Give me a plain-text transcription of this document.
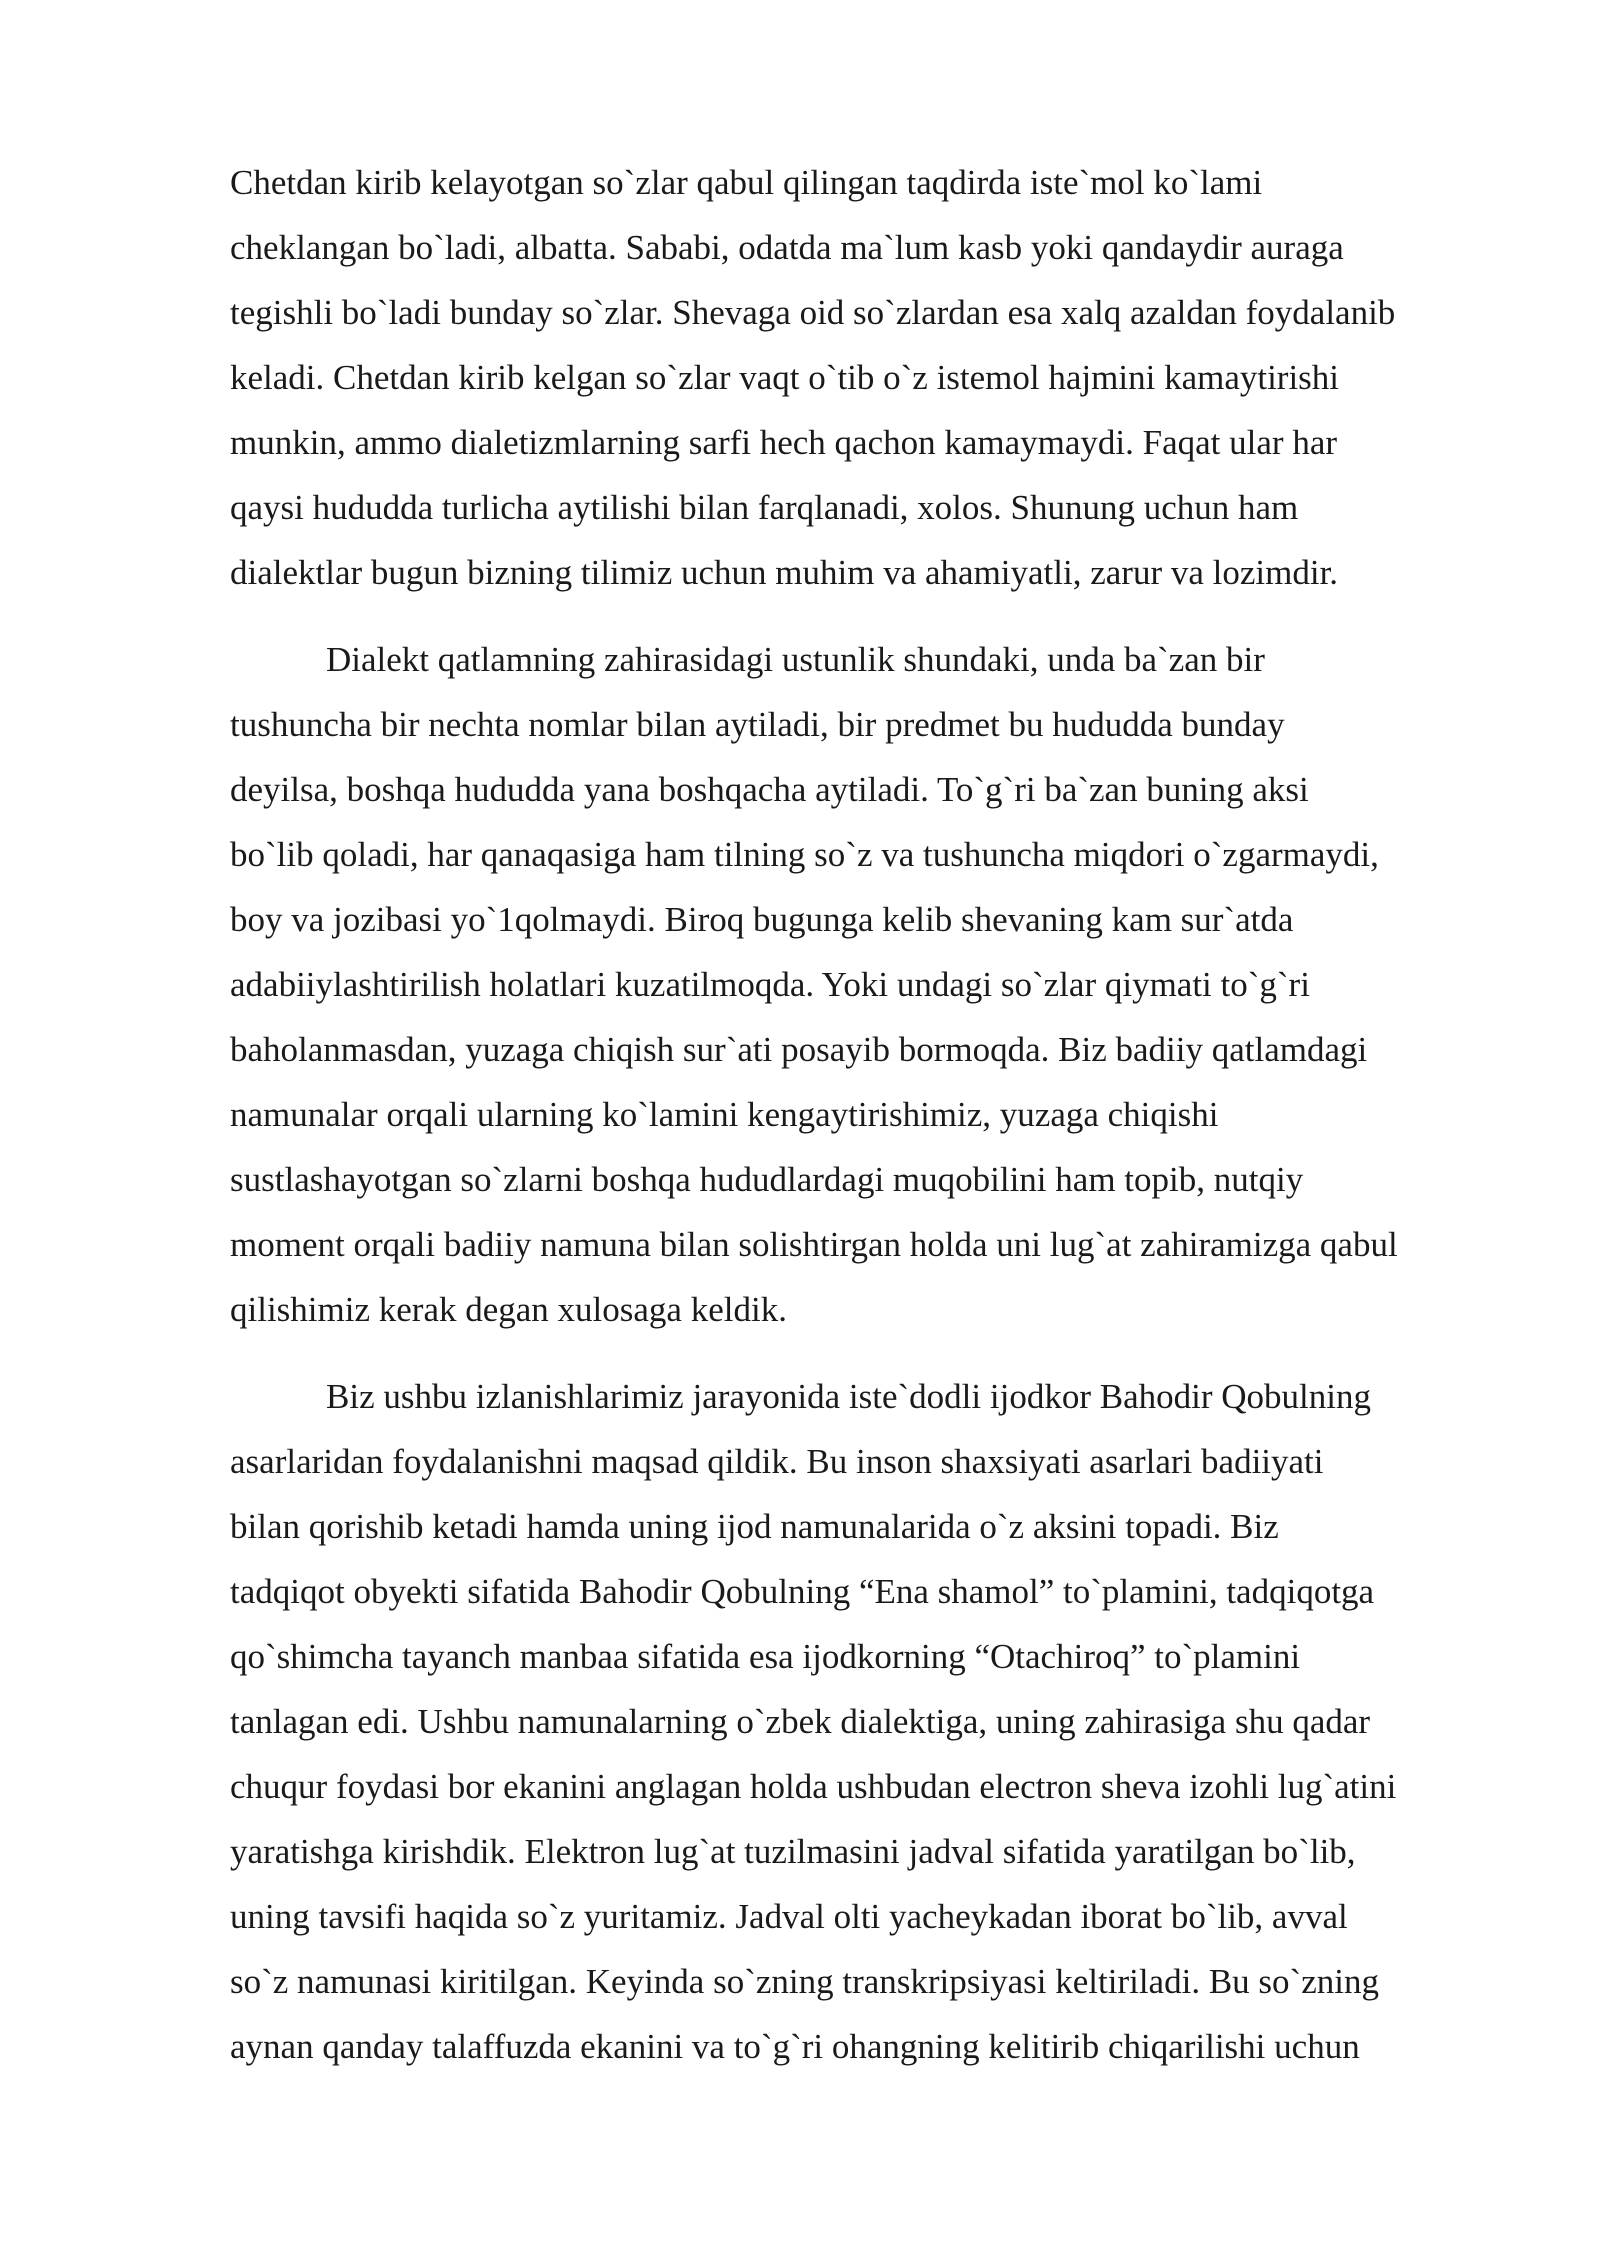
Chetdan kirib kelayotgan so`zlar qabul qilingan taqdirda iste`mol ko`lami
cheklangan bo`ladi, albatta. Sababi, odatda ma`lum kasb yoki qandaydir auraga
tegishli bo`ladi bunday so`zlar. Shevaga oid so`zlardan esa xalq azaldan foydalanib
keladi. Chetdan kirib kelgan so`zlar vaqt o`tib o`z istemol hajmini kamaytirishi
munkin, ammo dialetizmlarning sarfi hech qachon kamaymaydi. Faqat ular har
qaysi hududda turlicha aytilishi bilan farqlanadi, xolos. Shunung uchun ham
dialektlar bugun bizning tilimiz uchun muhim va ahamiyatli, zarur va lozimdir.
Dialekt qatlamning zahirasidagi ustunlik shundaki, unda ba`zan bir
tushuncha bir nechta nomlar bilan aytiladi, bir predmet bu hududda bunday
deyilsa, boshqa hududda yana boshqacha aytiladi. To`g`ri ba`zan buning aksi
bo`lib qoladi, har qanaqasiga ham tilning so`z va tushuncha miqdori o`zgarmaydi,
boy va jozibasi yo`1qolmaydi. Biroq bugunga kelib shevaning kam sur`atda
adabiiylashtirilish holatlari kuzatilmoqda. Yoki undagi so`zlar qiymati to`g`ri
baholanmasdan, yuzaga chiqish sur`ati posayib bormoqda. Biz badiiy qatlamdagi
namunalar orqali ularning ko`lamini kengaytirishimiz, yuzaga chiqishi
sustlashayotgan so`zlarni boshqa hududlardagi muqobilini ham topib, nutqiy
moment orqali badiiy namuna bilan solishtirgan holda uni lug`at zahiramizga qabul
qilishimiz kerak degan xulosaga keldik.
Biz ushbu izlanishlarimiz jarayonida iste`dodli ijodkor Bahodir Qobulning
asarlaridan foydalanishni maqsad qildik. Bu inson shaxsiyati asarlari badiiyati
bilan qorishib ketadi hamda uning ijod namunalarida o`z aksini topadi. Biz
tadqiqot obyekti sifatida Bahodir Qobulning “Ena shamol” to`plamini, tadqiqotga
qo`shimcha tayanch manbaa sifatida esa ijodkorning “Otachiroq” to`plamini
tanlagan edi. Ushbu namunalarning o`zbek dialektiga, uning zahirasiga shu qadar
chuqur foydasi bor ekanini anglagan holda ushbudan electron sheva izohli lug`atini
yaratishga kirishdik. Elektron lug`at tuzilmasini jadval sifatida yaratilgan bo`lib,
uning tavsifi haqida so`z yuritamiz. Jadval olti yacheykadan iborat bo`lib, avval
so`z namunasi kiritilgan. Keyinda so`zning transkripsiyasi keltiriladi. Bu so`zning
aynan qanday talaffuzda ekanini va to`g`ri ohangning kelitirib chiqarilishi uchun
